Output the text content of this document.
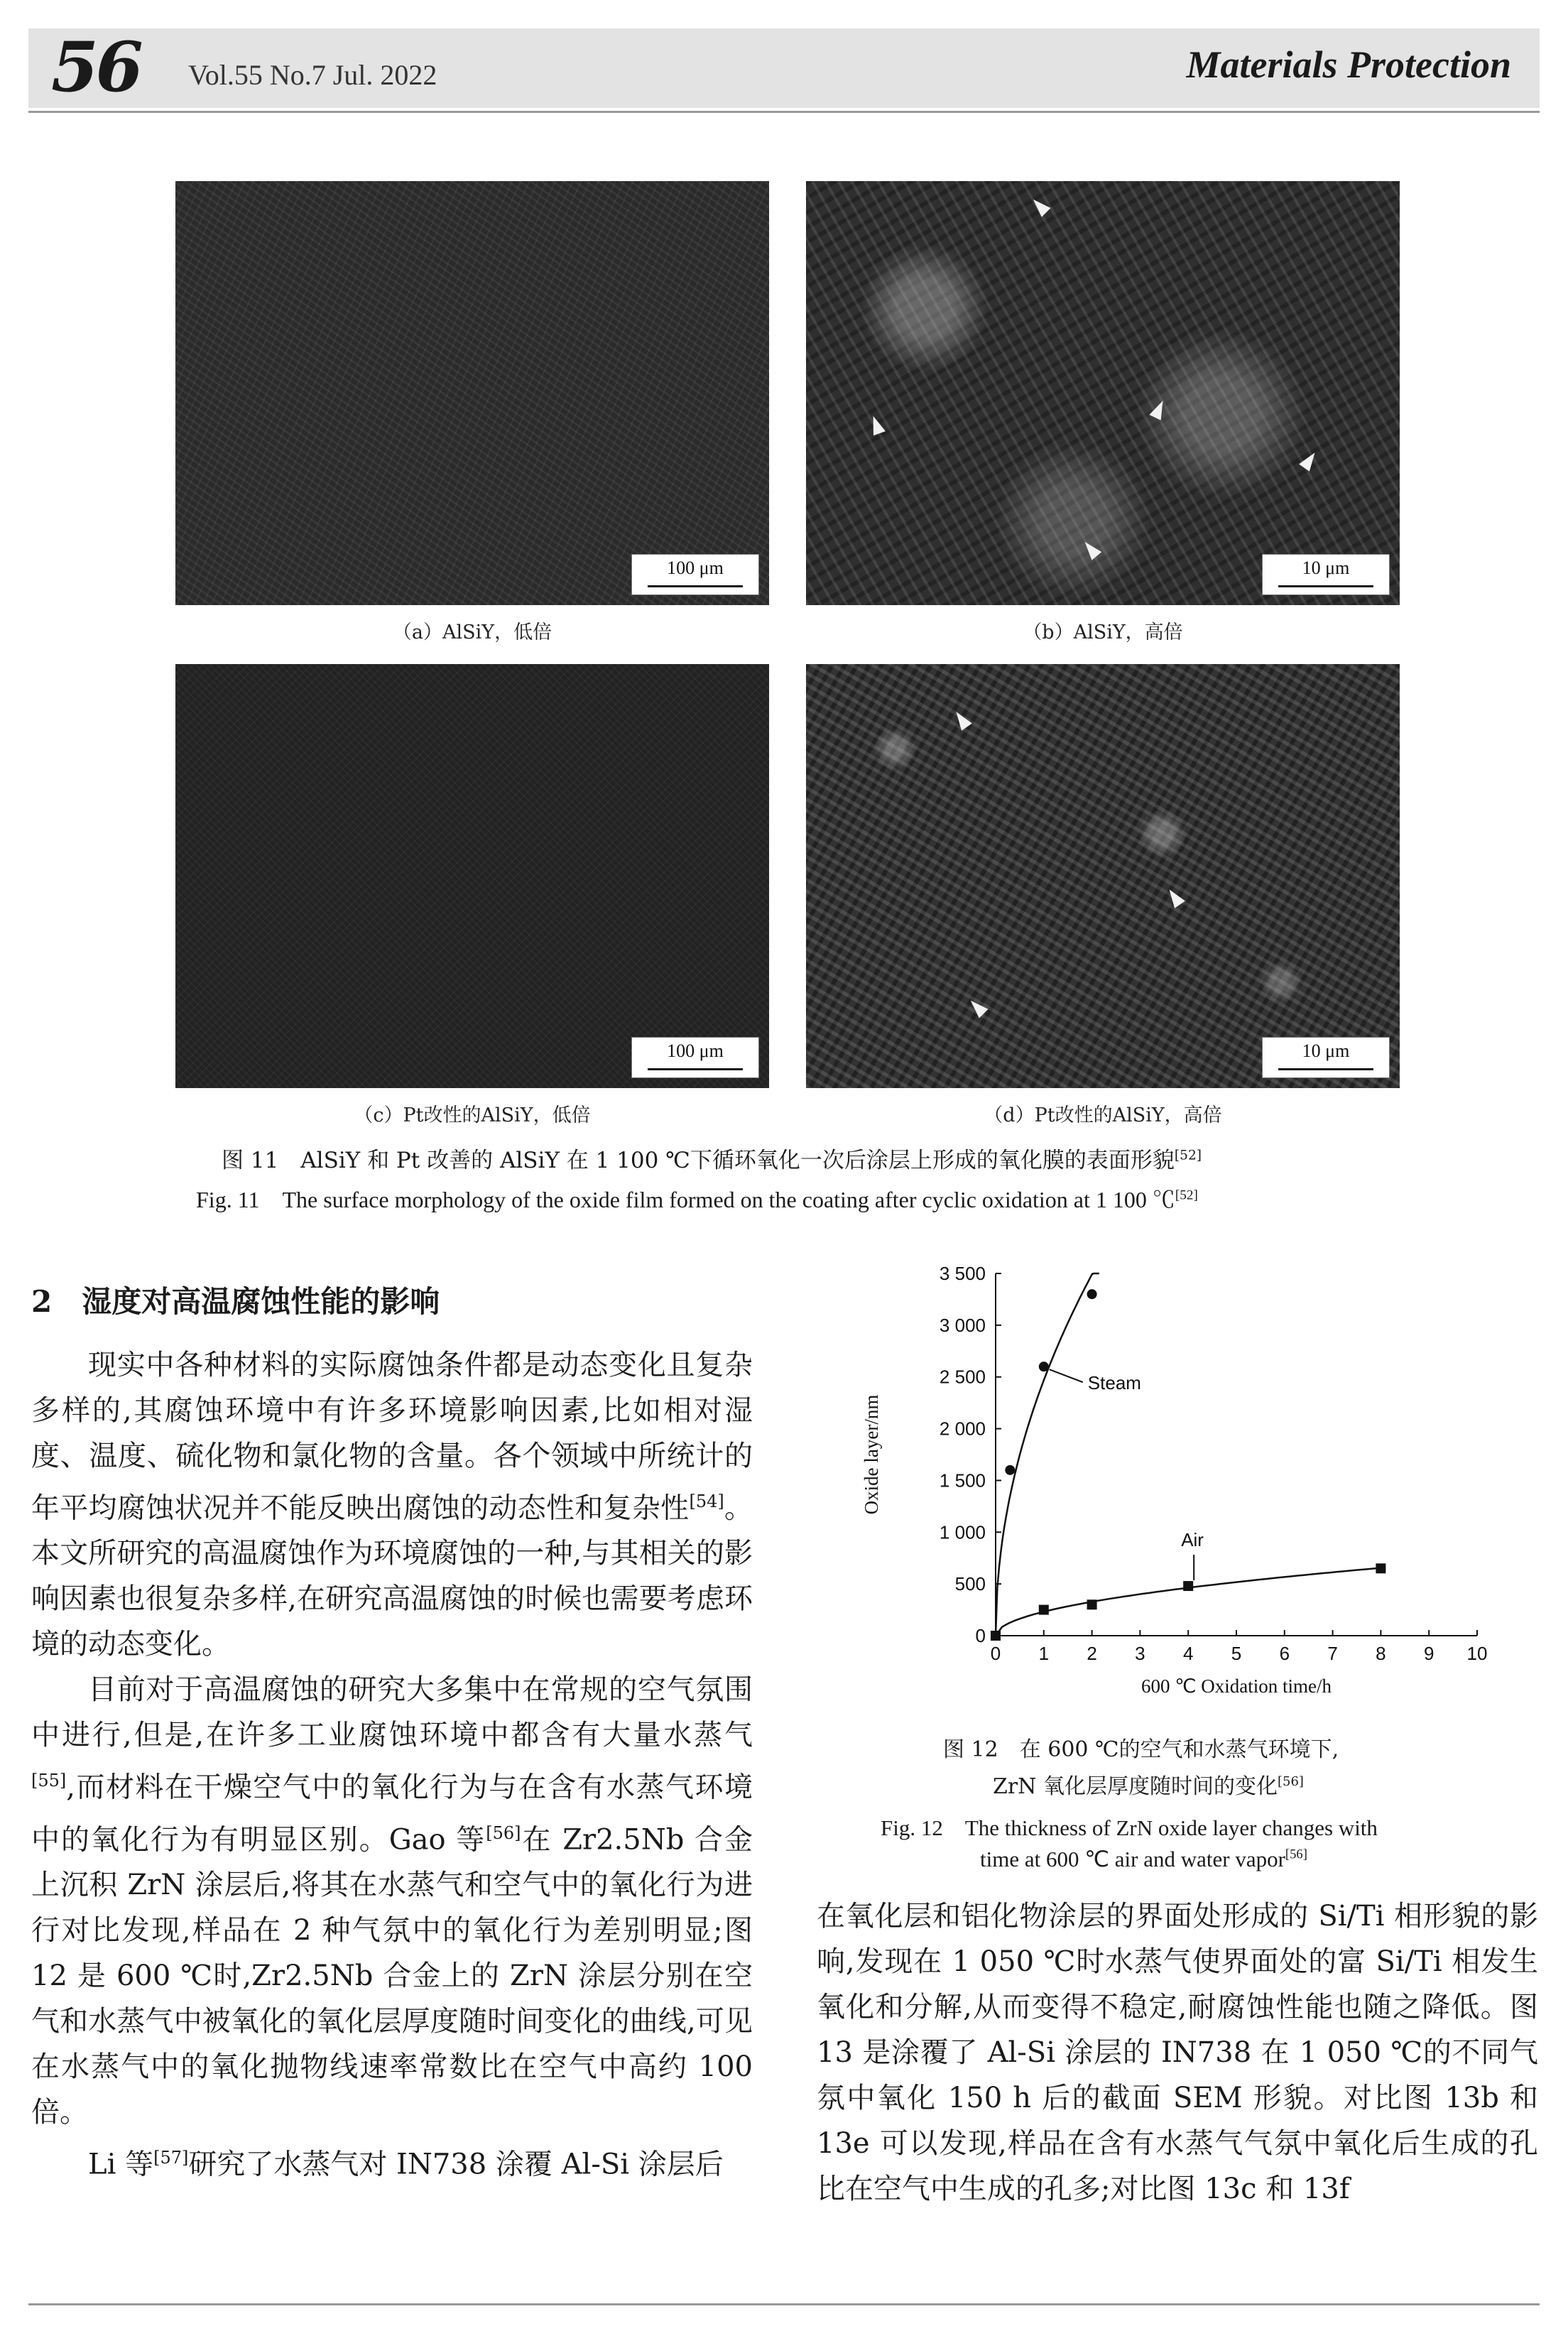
56 Vol.55 No.7 Jul. 2022	Materials Protection
100 μm	10 μm
（a）AlSiY，低倍	（b）AlSiY，高倍
100 μm	10 μm
（c）Pt改性的AlSiY，低倍	（d）Pt改性的AlSiY，高倍
图 11　AlSiY 和 Pt 改善的 AlSiY 在 1 100 ℃下循环氧化一次后涂层上形成的氧化膜的表面形貌[52]
Fig. 11　The surface morphology of the oxide film formed on the coating after cyclic oxidation at 1 100 ℃[52]
2　湿度对高温腐蚀性能的影响

现实中各种材料的实际腐蚀条件都是动态变化且复杂多样的,其腐蚀环境中有许多环境影响因素,比如相对湿度、温度、硫化物和氯化物的含量。各个领域中所统计的年平均腐蚀状况并不能反映出腐蚀的动态性和复杂性[54]。本文所研究的高温腐蚀作为环境腐蚀的一种,与其相关的影响因素也很复杂多样,在研究高温腐蚀的时候也需要考虑环境的动态变化。

目前对于高温腐蚀的研究大多集中在常规的空气氛围中进行,但是,在许多工业腐蚀环境中都含有大量水蒸气 [55],而材料在干燥空气中的氧化行为与在含有水蒸气环境中的氧化行为有明显区别。Gao 等[56]在 Zr2.5Nb 合金上沉积 ZrN 涂层后,将其在水蒸气和空气中的氧化行为进行对比发现,样品在 2 种气氛中的氧化行为差别明显;图 12 是 600 ℃时,Zr2.5Nb 合金上的 ZrN 涂层分别在空气和水蒸气中被氧化的氧化层厚度随时间变化的曲线,可见在水蒸气中的氧化抛物线速率常数比在空气中高约 100 倍。

Li 等[57]研究了水蒸气对 IN738 涂覆 Al-Si 涂层后

0 1 2 3 4 5 6 7 8 9 10
0
500
1 000
1 500
2 000
2 500
3 000
3 500
600 ℃ Oxidation time/h
Oxide layer/nm
Steam
Air
图 12　在 600 ℃的空气和水蒸气环境下,
ZrN 氧化层厚度随时间的变化[56]
Fig. 12　The thickness of ZrN oxide layer changes with
time at 600 ℃ air and water vapor[56]

在氧化层和铝化物涂层的界面处形成的 Si/Ti 相形貌的影响,发现在 1 050 ℃时水蒸气使界面处的富 Si/Ti 相发生氧化和分解,从而变得不稳定,耐腐蚀性能也随之降低。图 13 是涂覆了 Al-Si 涂层的 IN738 在 1 050 ℃的不同气氛中氧化 150 h 后的截面 SEM 形貌。对比图 13b 和 13e 可以发现,样品在含有水蒸气气氛中氧化后生成的孔比在空气中生成的孔多;对比图 13c 和 13f
